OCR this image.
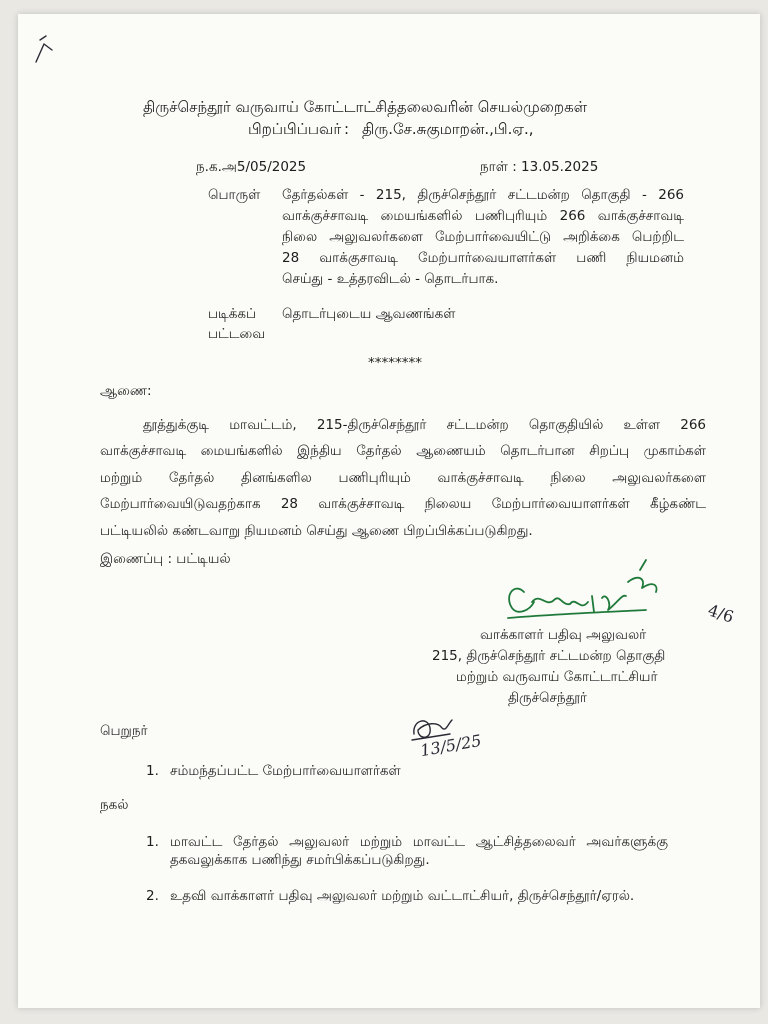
திருச்செந்தூர் வருவாய் கோட்டாட்சித்தலைவரின் செயல்முறைகள்
பிறப்பிப்பவர் : திரு.சே.சுகுமாறன்.,பி.ஏ.,
ந.க.அ5/05/2025	நாள் : 13.05.2025
பொருள் தேர்தல்கள் - 215, திருச்செந்தூர் சட்டமன்ற தொகுதி - 266
வாக்குச்சாவடி மையங்களில் பணிபுரியும் 266 வாக்குச்சாவடி
நிலை அலுவலர்களை மேற்பார்வையிட்டு அறிக்கை பெற்றிட
28 வாக்குசாவடி மேற்பார்வையாளர்கள் பணி நியமனம்
செய்து - உத்தரவிடல் - தொடர்பாக.
படிக்கப்
பட்டவை
தொடர்புடைய ஆவணங்கள்
********
ஆணை:
தூத்துக்குடி மாவட்டம், 215-திருச்செந்தூர் சட்டமன்ற தொகுதியில் உள்ள 266
வாக்குச்சாவடி மையங்களில் இந்திய தேர்தல் ஆணையம் தொடர்பான சிறப்பு முகாம்கள்
மற்றும் தேர்தல் தினங்களில பணிபுரியும் வாக்குச்சாவடி நிலை அலுவலர்களை
மேற்பார்வையிடுவதற்காக 28 வாக்குச்சாவடி நிலைய மேற்பார்வையாளர்கள் கீழ்கண்ட
பட்டியலில் கண்டவாறு நியமனம் செய்து ஆணை பிறப்பிக்கப்படுகிறது.
இணைப்பு : பட்டியல்
4/6
வாக்காளர் பதிவு அலுவலர்
215, திருச்செந்தூர் சட்டமன்ற தொகுதி
மற்றும் வருவாய் கோட்டாட்சியர்
திருச்செந்தூர்
பெறுநர்	13/5/25
1. சம்மந்தப்பட்ட மேற்பார்வையாளர்கள்
நகல்
1. மாவட்ட தேர்தல் அலுவலர் மற்றும் மாவட்ட ஆட்சித்தலைவர் அவர்களுக்கு
தகவலுக்காக பணிந்து சமர்பிக்கப்படுகிறது.
2. உதவி வாக்காளர் பதிவு அலுவலர் மற்றும் வட்டாட்சியர், திருச்செந்தூர்/ஏரல்.
